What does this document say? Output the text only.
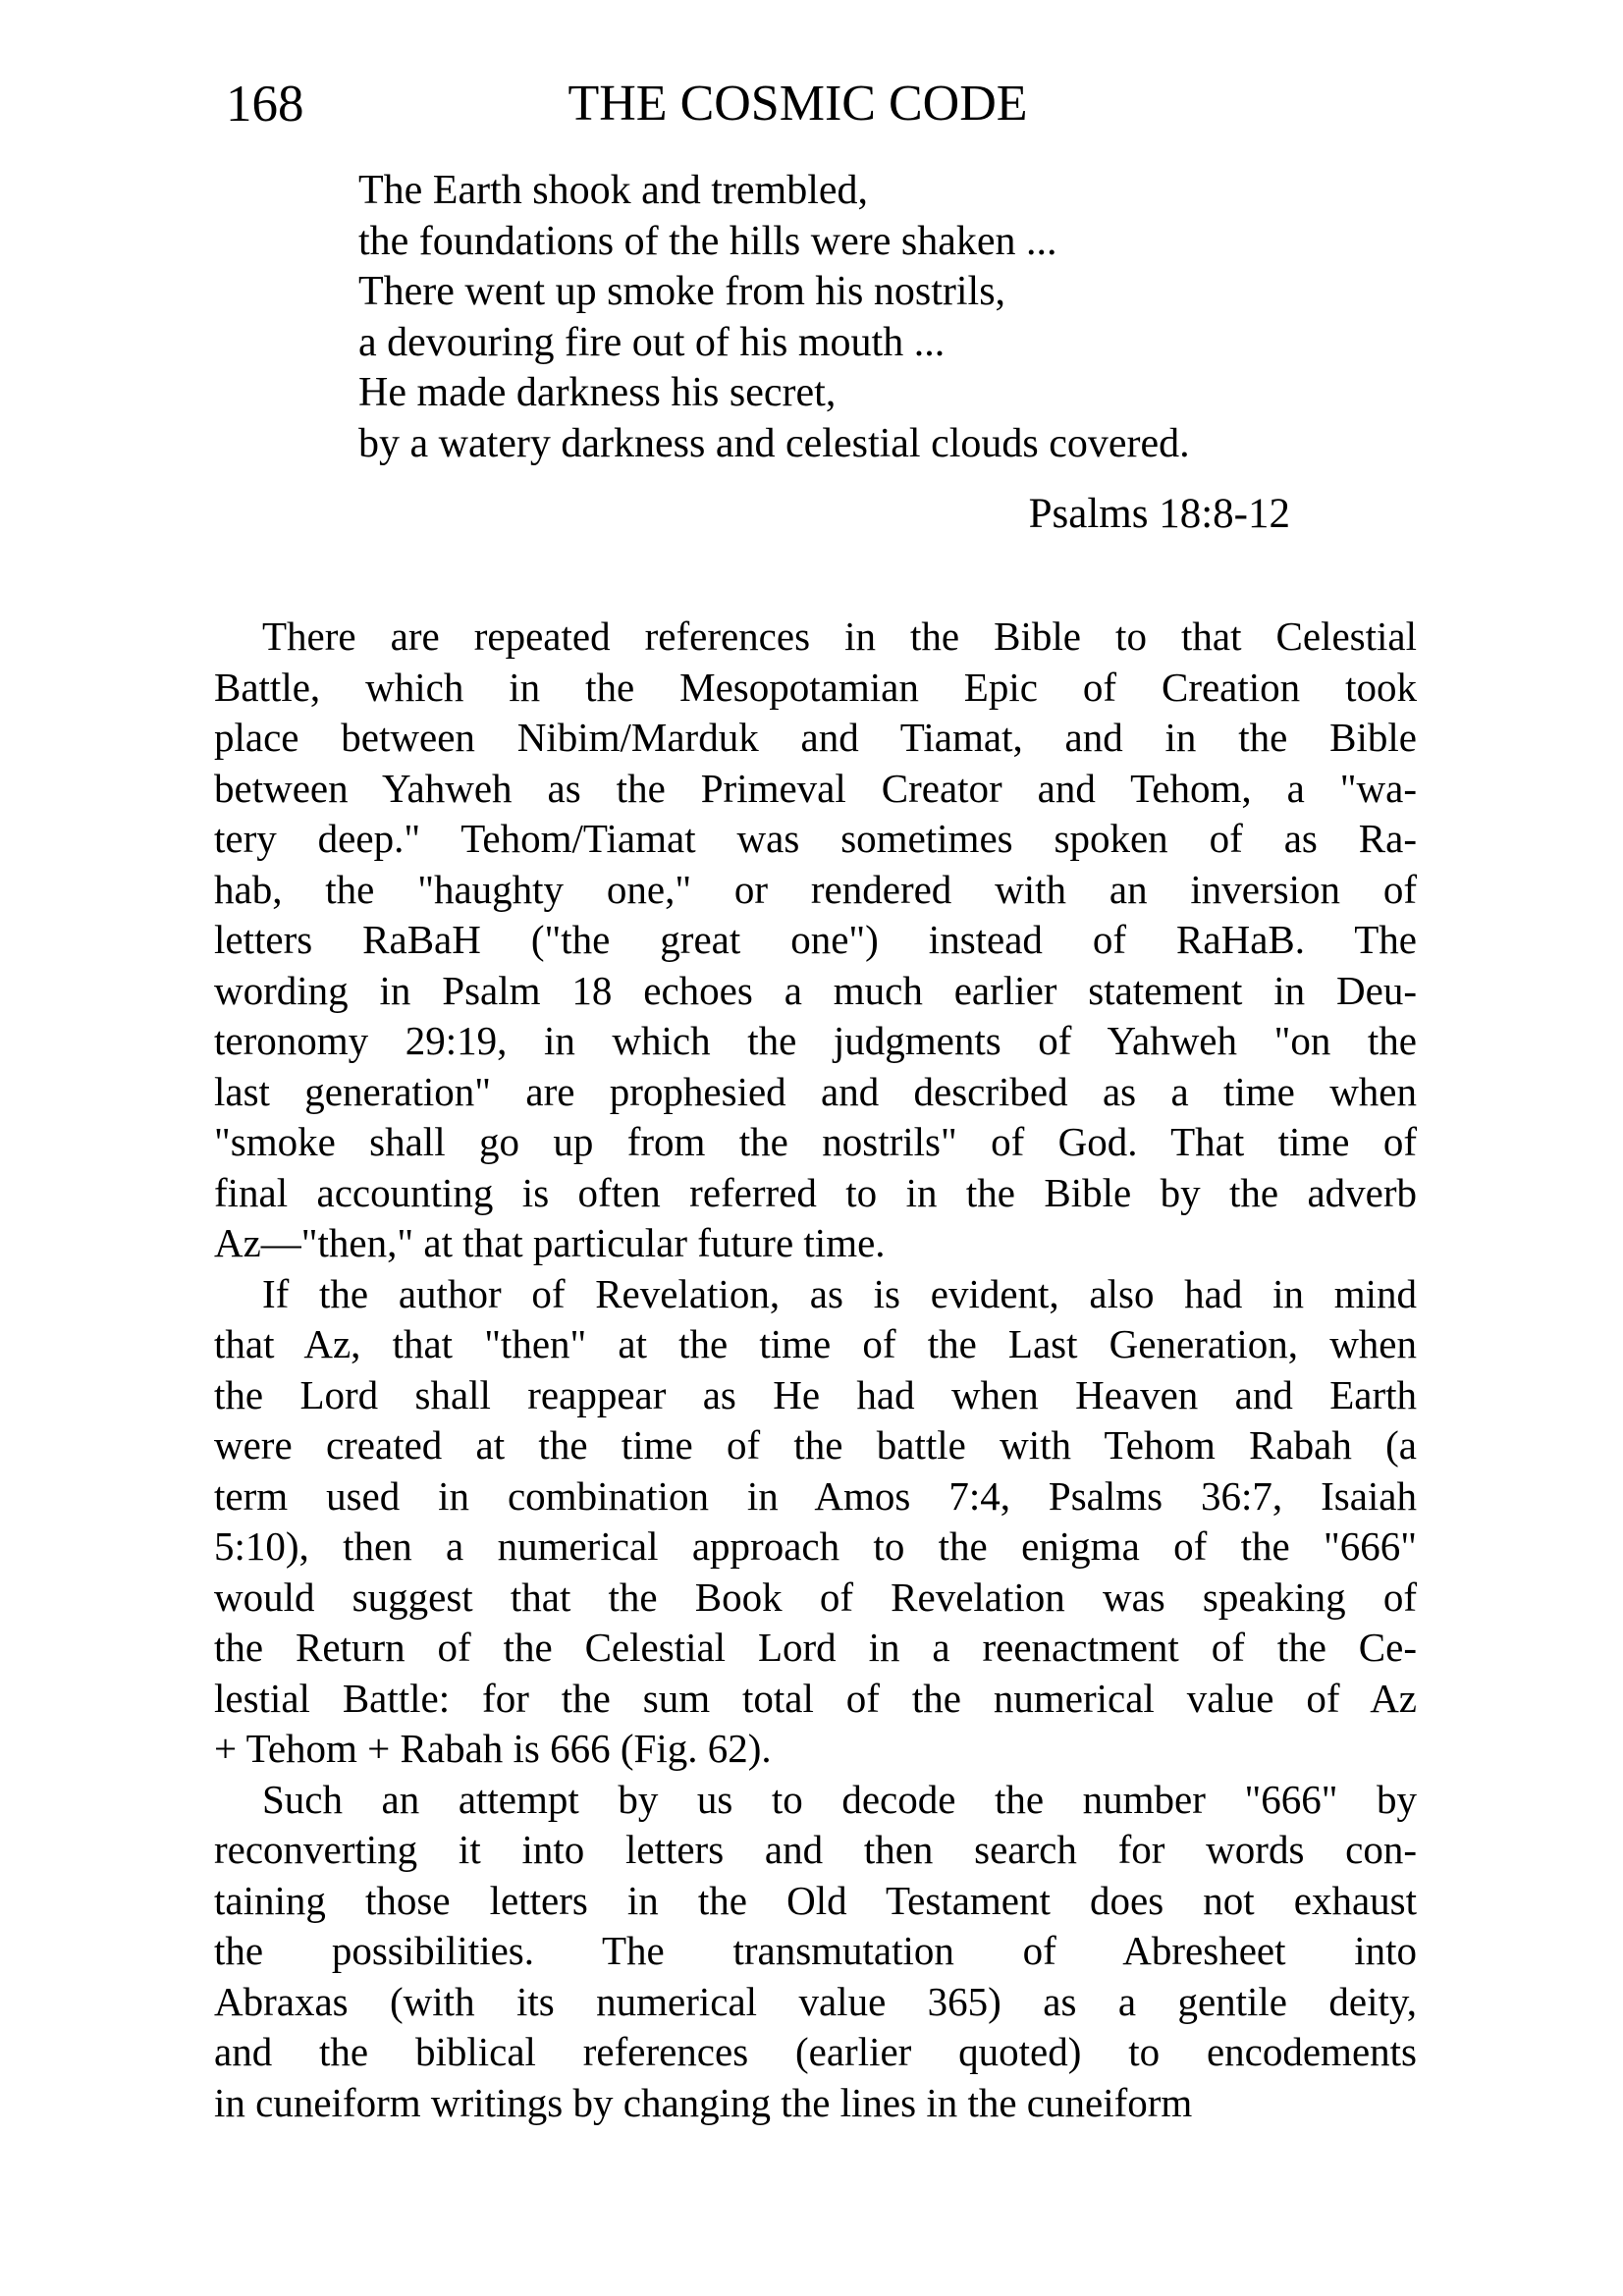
168	THE COSMIC CODE
The Earth shook and trembled,
the foundations of the hills were shaken ...
There went up smoke from his nostrils,
a devouring fire out of his mouth ...
He made darkness his secret,
by a watery darkness and celestial clouds covered.
Psalms 18:8-12
There are repeated references in the Bible to that Celestial
Battle, which in the Mesopotamian Epic of Creation took
place between Nibim/Marduk and Tiamat, and in the Bible
between Yahweh as the Primeval Creator and Tehom, a "wa-
tery deep." Tehom/Tiamat was sometimes spoken of as Ra-
hab, the "haughty one," or rendered with an inversion of
letters RaBaH ("the great one") instead of RaHaB. The
wording in Psalm 18 echoes a much earlier statement in Deu-
teronomy 29:19, in which the judgments of Yahweh "on the
last generation" are prophesied and described as a time when
"smoke shall go up from the nostrils" of God. That time of
final accounting is often referred to in the Bible by the adverb
Az—"then," at that particular future time.
If the author of Revelation, as is evident, also had in mind
that Az, that "then" at the time of the Last Generation, when
the Lord shall reappear as He had when Heaven and Earth
were created at the time of the battle with Tehom Rabah (a
term used in combination in Amos 7:4, Psalms 36:7, Isaiah
5:10), then a numerical approach to the enigma of the "666"
would suggest that the Book of Revelation was speaking of
the Return of the Celestial Lord in a reenactment of the Ce-
lestial Battle: for the sum total of the numerical value of Az
+ Tehom + Rabah is 666 (Fig. 62).
Such an attempt by us to decode the number "666" by
reconverting it into letters and then search for words con-
taining those letters in the Old Testament does not exhaust
the possibilities. The transmutation of Abresheet into
Abraxas (with its numerical value 365) as a gentile deity,
and the biblical references (earlier quoted) to encodements
in cuneiform writings by changing the lines in the cuneiform
